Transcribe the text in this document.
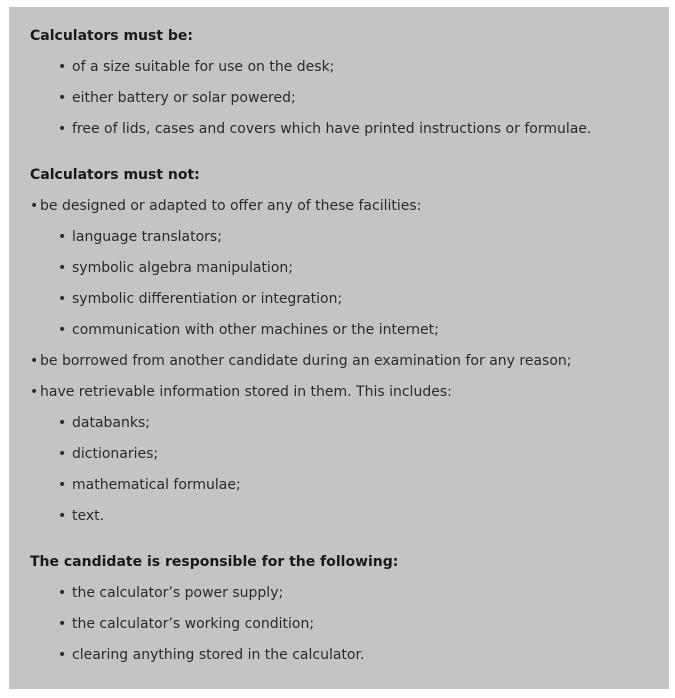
Calculators must be:
• of a size suitable for use on the desk;
• either battery or solar powered;
• free of lids, cases and covers which have printed instructions or formulae.
Calculators must not:
• be designed or adapted to offer any of these facilities:
• language translators;
• symbolic algebra manipulation;
• symbolic differentiation or integration;
• communication with other machines or the internet;
• be borrowed from another candidate during an examination for any reason;
• have retrievable information stored in them. This includes:
• databanks;
• dictionaries;
• mathematical formulae;
• text.
The candidate is responsible for the following:
• the calculator’s power supply;
• the calculator’s working condition;
• clearing anything stored in the calculator.
